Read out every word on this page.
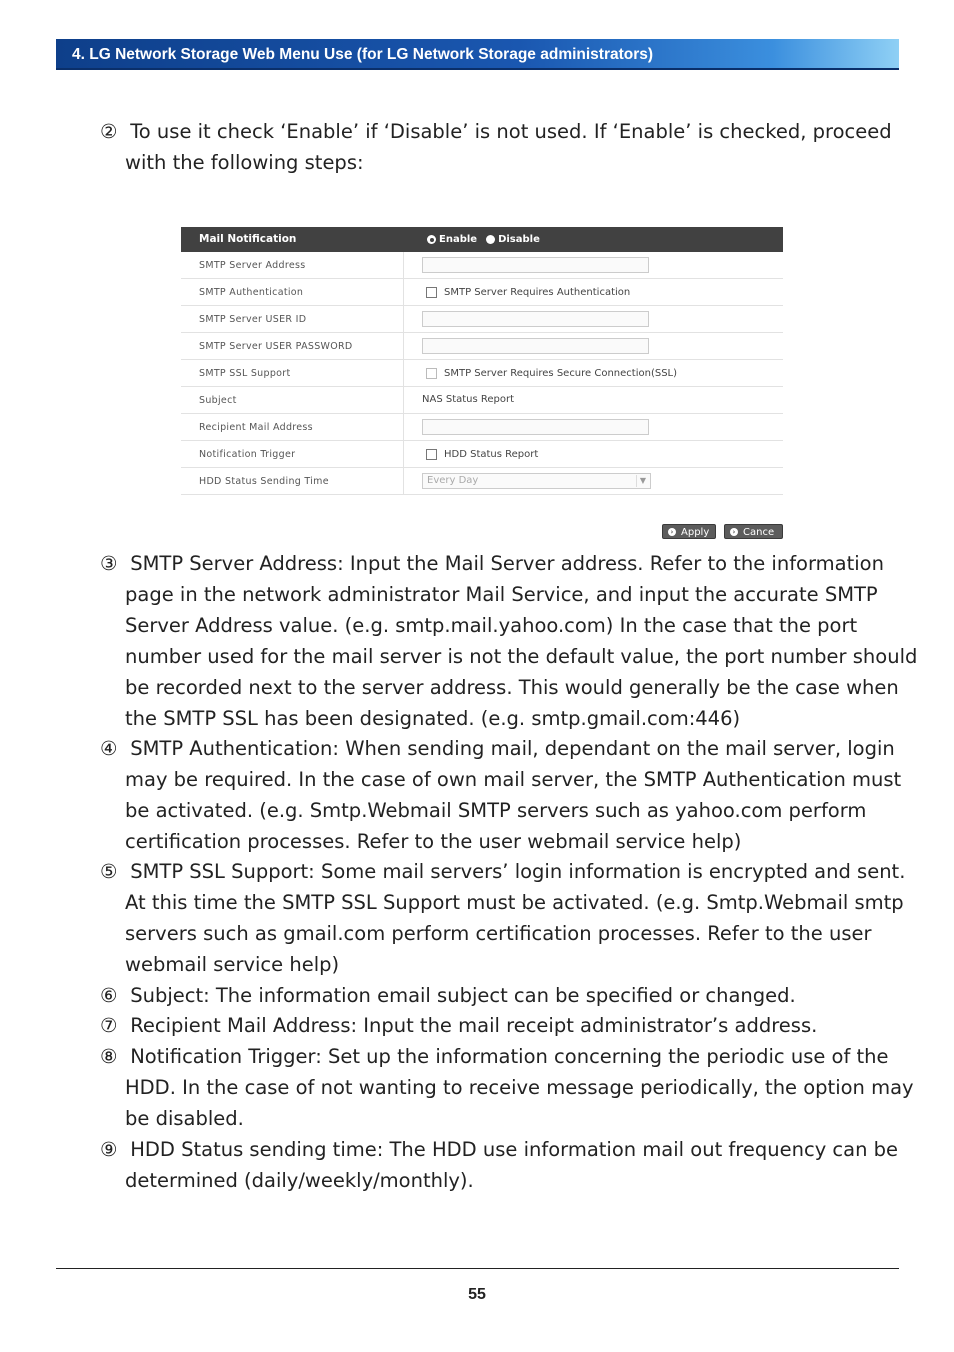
4. LG Network Storage Web Menu Use (for LG Network Storage administrators)
② To use it check ‘Enable’ if ‘Disable’ is not used. If ‘Enable’ is checked, proceed
with the following steps:
Mail Notification	Enable Disable
SMTP Server Address
SMTP Authentication	SMTP Server Requires Authentication
SMTP Server USER ID
SMTP Server USER PASSWORD
SMTP SSL Support	SMTP Server Requires Secure Connection(SSL)
Subject	NAS Status Report
Recipient Mail Address
Notification Trigger	HDD Status Report
HDD Status Sending Time	Every Day	▼
› Apply	› Cance
③ SMTP Server Address: Input the Mail Server address. Refer to the information
page in the network administrator Mail Service, and input the accurate SMTP
Server Address value. (e.g. smtp.mail.yahoo.com) In the case that the port
number used for the mail server is not the default value, the port number should
be recorded next to the server address. This would generally be the case when
the SMTP SSL has been designated. (e.g. smtp.gmail.com:446)
④ SMTP Authentication: When sending mail, dependant on the mail server, login
may be required. In the case of own mail server, the SMTP Authentication must
be activated. (e.g. Smtp.Webmail SMTP servers such as yahoo.com perform
certification processes. Refer to the user webmail service help)
⑤ SMTP SSL Support: Some mail servers’ login information is encrypted and sent.
At this time the SMTP SSL Support must be activated. (e.g. Smtp.Webmail smtp
servers such as gmail.com perform certification processes. Refer to the user
webmail service help)
⑥ Subject: The information email subject can be specified or changed.
⑦ Recipient Mail Address: Input the mail receipt administrator’s address.
⑧ Notification Trigger: Set up the information concerning the periodic use of the
HDD. In the case of not wanting to receive message periodically, the option may
be disabled.
⑨ HDD Status sending time: The HDD use information mail out frequency can be
determined (daily/weekly/monthly).
55
